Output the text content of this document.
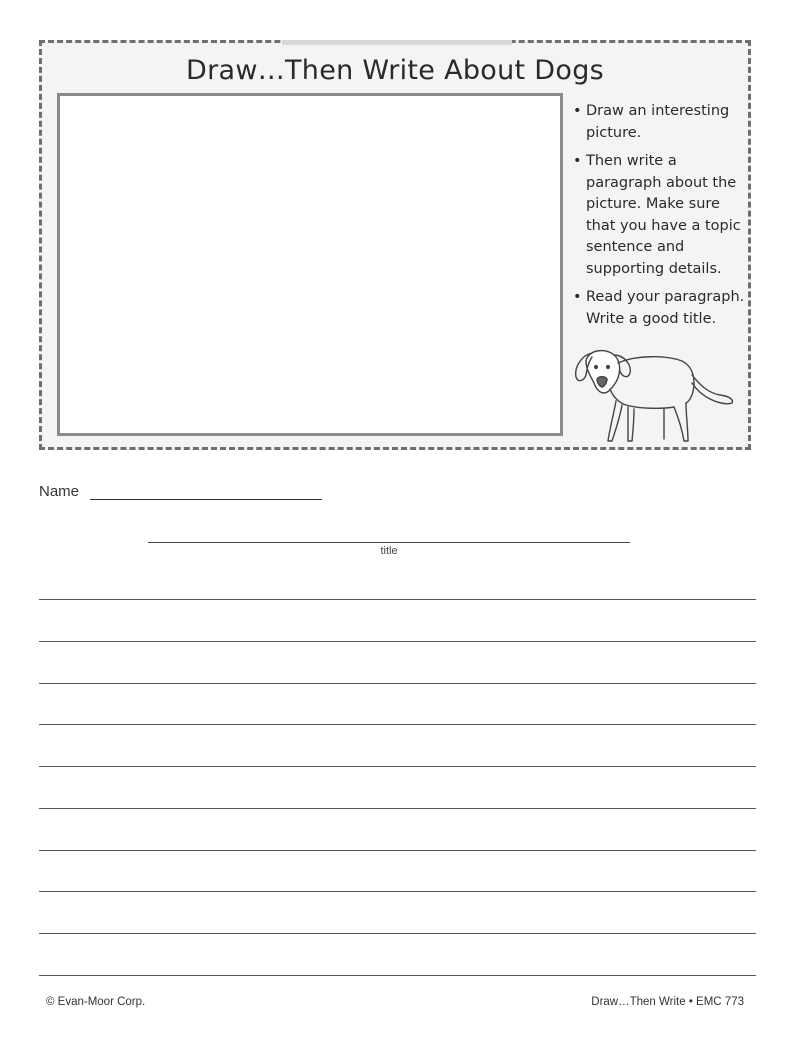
Draw…Then Write About Dogs
• Draw an interesting picture.
• Then write a paragraph about the picture. Make sure that you have a topic sentence and supporting details.
• Read your paragraph. Write a good title.
Name
title
© Evan-Moor Corp.	Draw…Then Write • EMC 773
